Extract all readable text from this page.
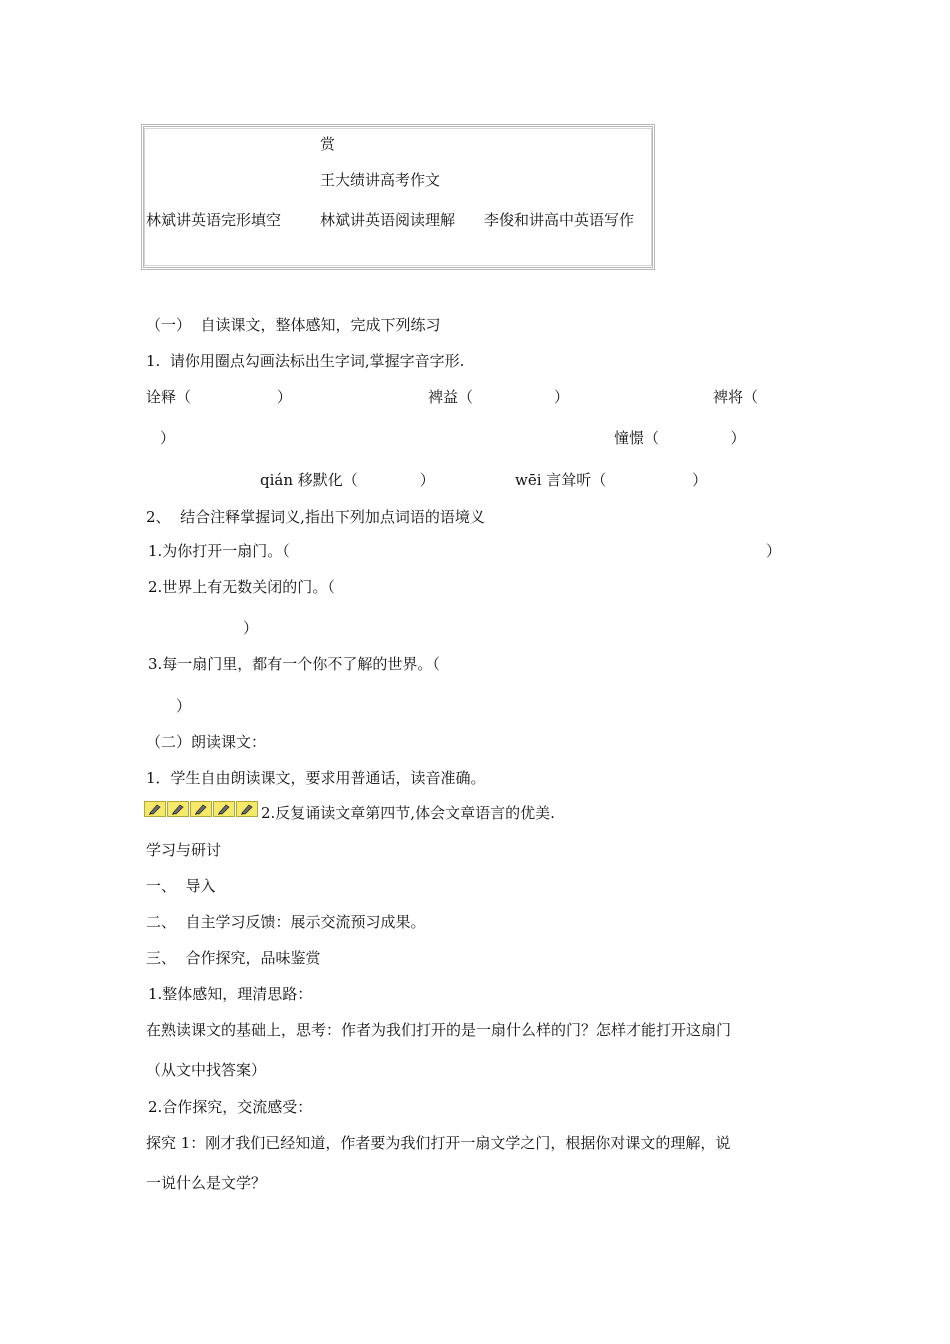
赏
王大绩讲高考作文
林斌讲英语完形填空	林斌讲英语阅读理解 李俊和讲高中英语写作
（一）  自读课文，整体感知，完成下列练习
1.  请你用圈点勾画法标出生字词,掌握字音字形.
诠释（                  ）	裨益（                 ）	裨将（
）	憧憬（               ）
qián 移默化（             ）	wēi 言耸听（                  ）
2、  结合注释掌握词义,指出下列加点词语的语境义
1.为你打开一扇门。（	）
2.世界上有无数关闭的门。（
）
3.每一扇门里，都有一个你不了解的世界。（
）
（二）朗读课文：
1．学生自由朗读课文，要求用普通话，读音准确。
2.反复诵读文章第四节,体会文章语言的优美.
学习与研讨
一、  导入
二、  自主学习反馈：展示交流预习成果。
三、  合作探究，品味鉴赏
1.整体感知，理清思路：
在熟读课文的基础上，思考：作者为我们打开的是一扇什么样的门？怎样才能打开这扇门
（从文中找答案）
2.合作探究，交流感受：
探究 1：刚才我们已经知道，作者要为我们打开一扇文学之门，根据你对课文的理解，说
一说什么是文学？
